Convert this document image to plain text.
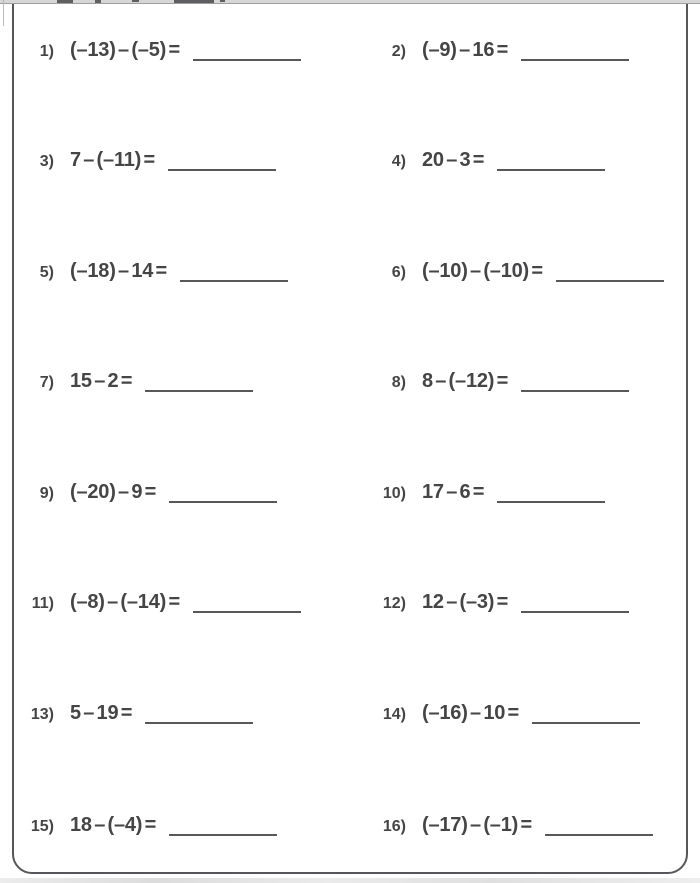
1) (–13) – (–5) =	2) (–9) – 16 =
3) 7 – (–11) =	4) 20 – 3 =
5) (–18) – 14 =	6) (–10) – (–10) =
7) 15 – 2 =	8) 8 – (–12) =
9) (–20) – 9 =	10) 17 – 6 =
11) (–8) – (–14) =	12) 12 – (–3) =
13) 5 – 19 =	14) (–16) – 10 =
15) 18 – (–4) =	16) (–17) – (–1) =
